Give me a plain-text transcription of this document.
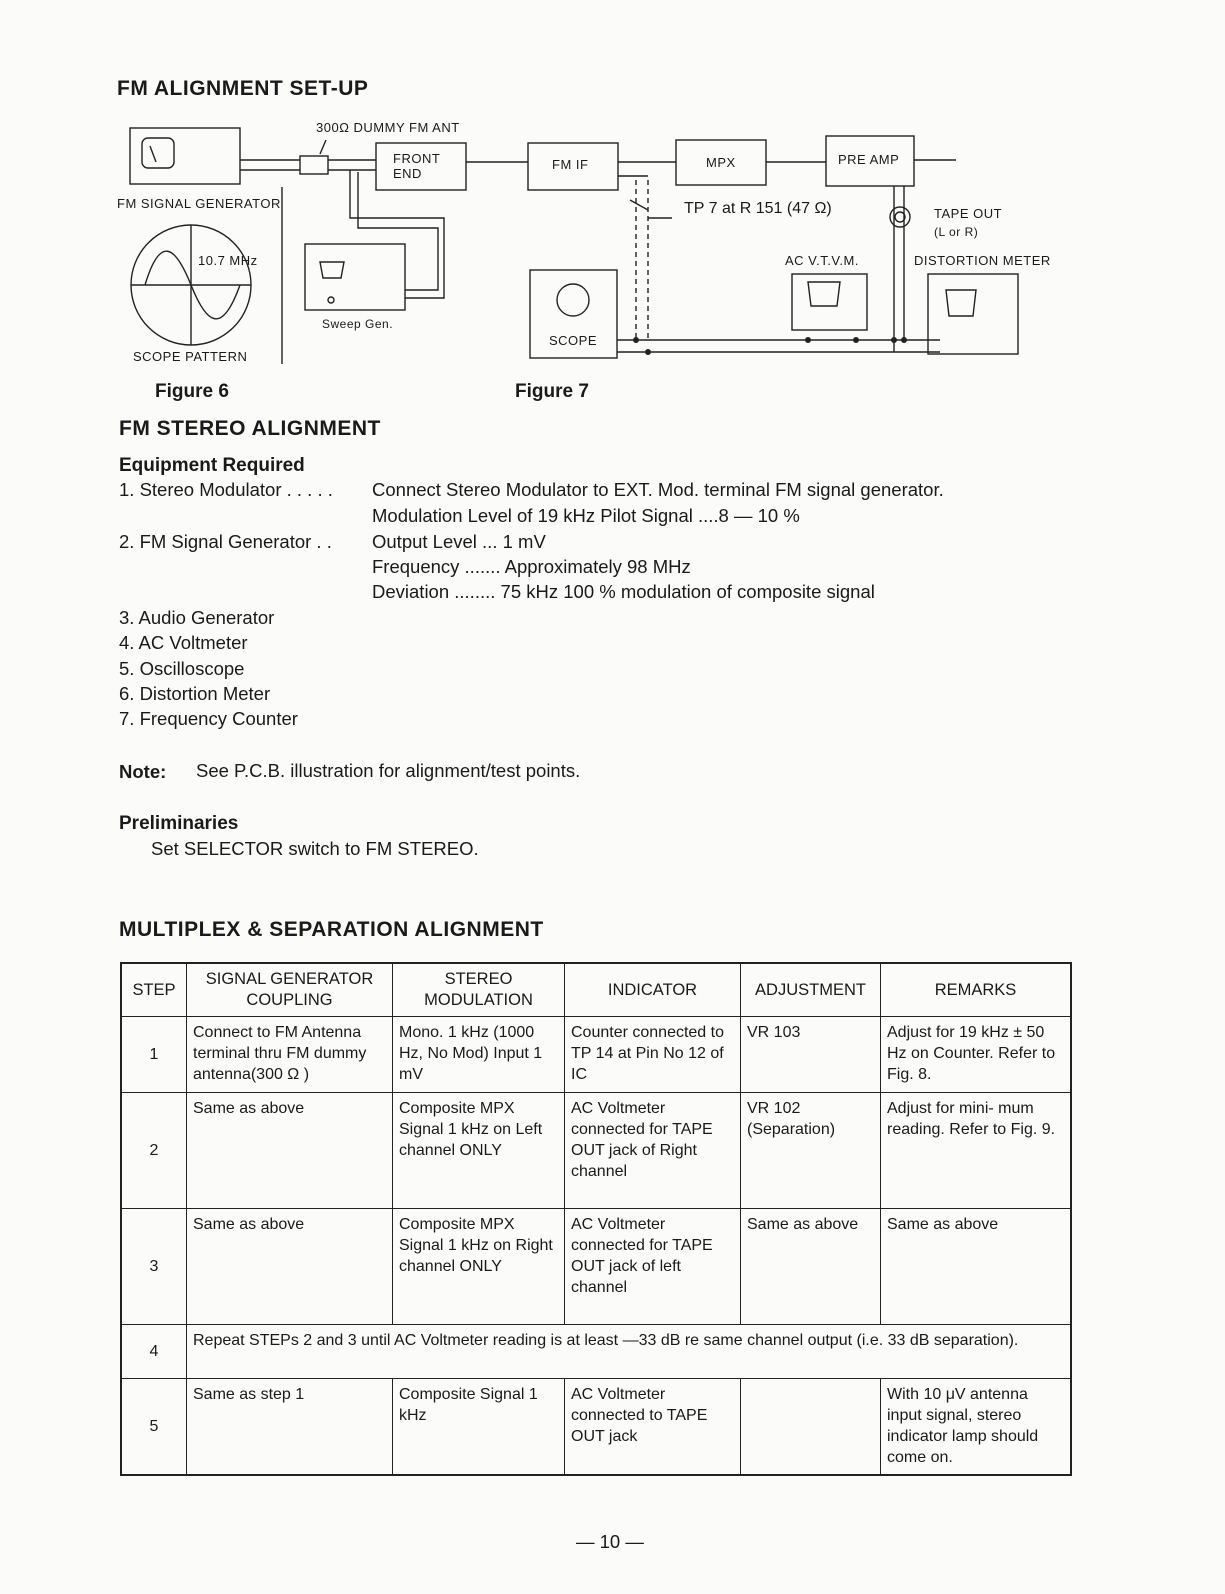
FM ALIGNMENT SET-UP
300Ω DUMMY FM ANT
FRONT
END
FM SIGNAL GENERATOR
10.7 MHz
Sweep Gen.
SCOPE PATTERN
Figure 6
FM IF	MPX	PRE AMP
TP 7 at R 151 (47 Ω)	TAPE OUT
(L or R)
AC V.T.V.M.	DISTORTION METER
SCOPE
Figure 7
FM STEREO ALIGNMENT
Equipment Required
1. Stereo Modulator . . . . . Connect Stereo Modulator to EXT. Mod. terminal FM signal generator.
Modulation Level of 19 kHz Pilot Signal ....8 — 10 %
2. FM Signal Generator . . Output Level ... 1 mV
Frequency ....... Approximately 98 MHz
Deviation ........ 75 kHz 100 % modulation of composite signal
3. Audio Generator
4. AC Voltmeter
5. Oscilloscope
6. Distortion Meter
7. Frequency Counter
Note: See P.C.B. illustration for alignment/test points.
Preliminaries
Set SELECTOR switch to FM STEREO.
MULTIPLEX & SEPARATION ALIGNMENT
STEP	SIGNAL GENERATOR COUPLING	STEREO MODULATION	INDICATOR	ADJUSTMENT	REMARKS
1	Connect to FM Antenna terminal thru FM dummy antenna(300 Ω )	Mono. 1 kHz (1000 Hz, No Mod) Input 1 mV	Counter connected to TP 14 at Pin No 12 of IC	VR 103	Adjust for 19 kHz ± 50 Hz on Counter. Refer to Fig. 8.
2	Same as above	Composite MPX Signal 1 kHz on Left channel ONLY	AC Voltmeter connected for TAPE OUT jack of Right channel	VR 102 (Separation)	Adjust for mini- mum reading. Refer to Fig. 9.
3	Same as above	Composite MPX Signal 1 kHz on Right channel ONLY	AC Voltmeter connected for TAPE OUT jack of left channel	Same as above	Same as above
4	Repeat STEPs 2 and 3 until AC Voltmeter reading is at least —33 dB re same channel output (i.e. 33 dB separation).				
5	Same as step 1	Composite Signal 1 kHz	AC Voltmeter connected to TAPE OUT jack		With 10 μV antenna input signal, stereo indicator lamp should come on.
— 10 —
